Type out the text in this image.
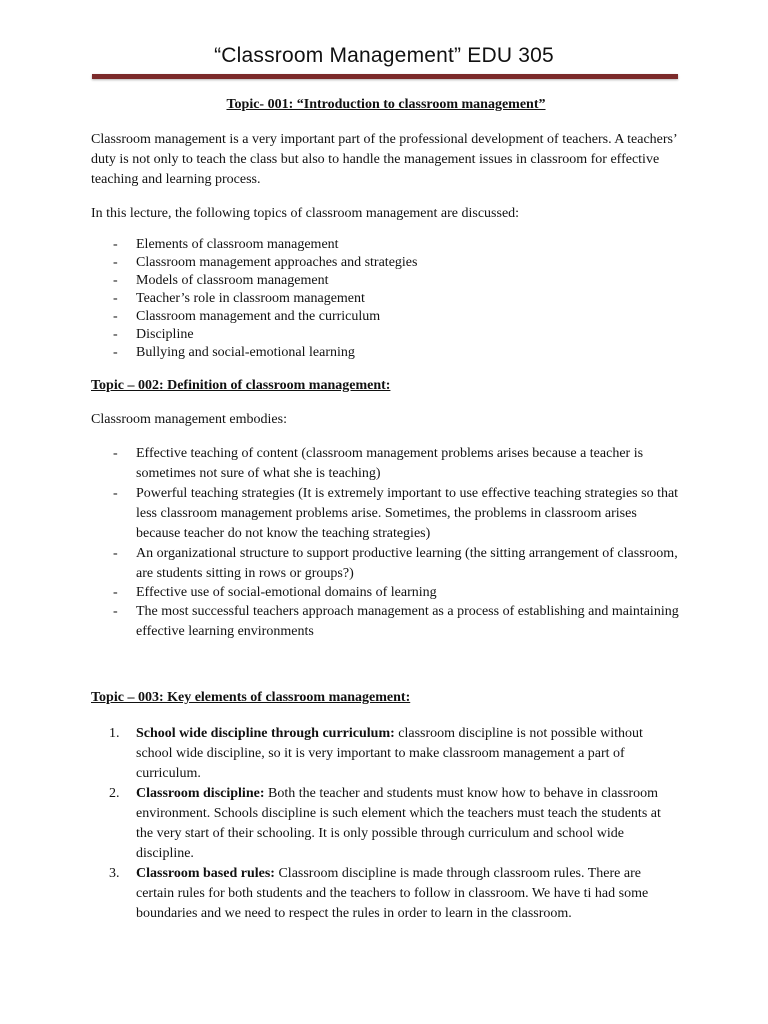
“Classroom Management” EDU 305

Topic- 001: “Introduction to classroom management”

Classroom management is a very important part of the professional development of teachers. A teachers’ duty is not only to teach the class but also to handle the management issues in classroom for effective teaching and learning process.

In this lecture, the following topics of classroom management are discussed:

- Elements of classroom management
- Classroom management approaches and strategies
- Models of classroom management
- Teacher’s role in classroom management
- Classroom management and the curriculum
- Discipline
- Bullying and social-emotional learning

Topic – 002: Definition of classroom management:

Classroom management embodies:

- Effective teaching of content (classroom management problems arises because a teacher is sometimes not sure of what she is teaching)
- Powerful teaching strategies (It is extremely important to use effective teaching strategies so that less classroom management problems arise. Sometimes, the problems in classroom arises because teacher do not know the teaching strategies)
- An organizational structure to support productive learning (the sitting arrangement of classroom, are students sitting in rows or groups?)
- Effective use of social-emotional domains of learning
- The most successful teachers approach management as a process of establishing and maintaining effective learning environments

Topic – 003: Key elements of classroom management:

1. School wide discipline through curriculum: classroom discipline is not possible without school wide discipline, so it is very important to make classroom management a part of curriculum.
2. Classroom discipline: Both the teacher and students must know how to behave in classroom environment. Schools discipline is such element which the teachers must teach the students at the very start of their schooling. It is only possible through curriculum and school wide discipline.
3. Classroom based rules: Classroom discipline is made through classroom rules. There are certain rules for both students and the teachers to follow in classroom. We have ti had some boundaries and we need to respect the rules in order to learn in the classroom.
